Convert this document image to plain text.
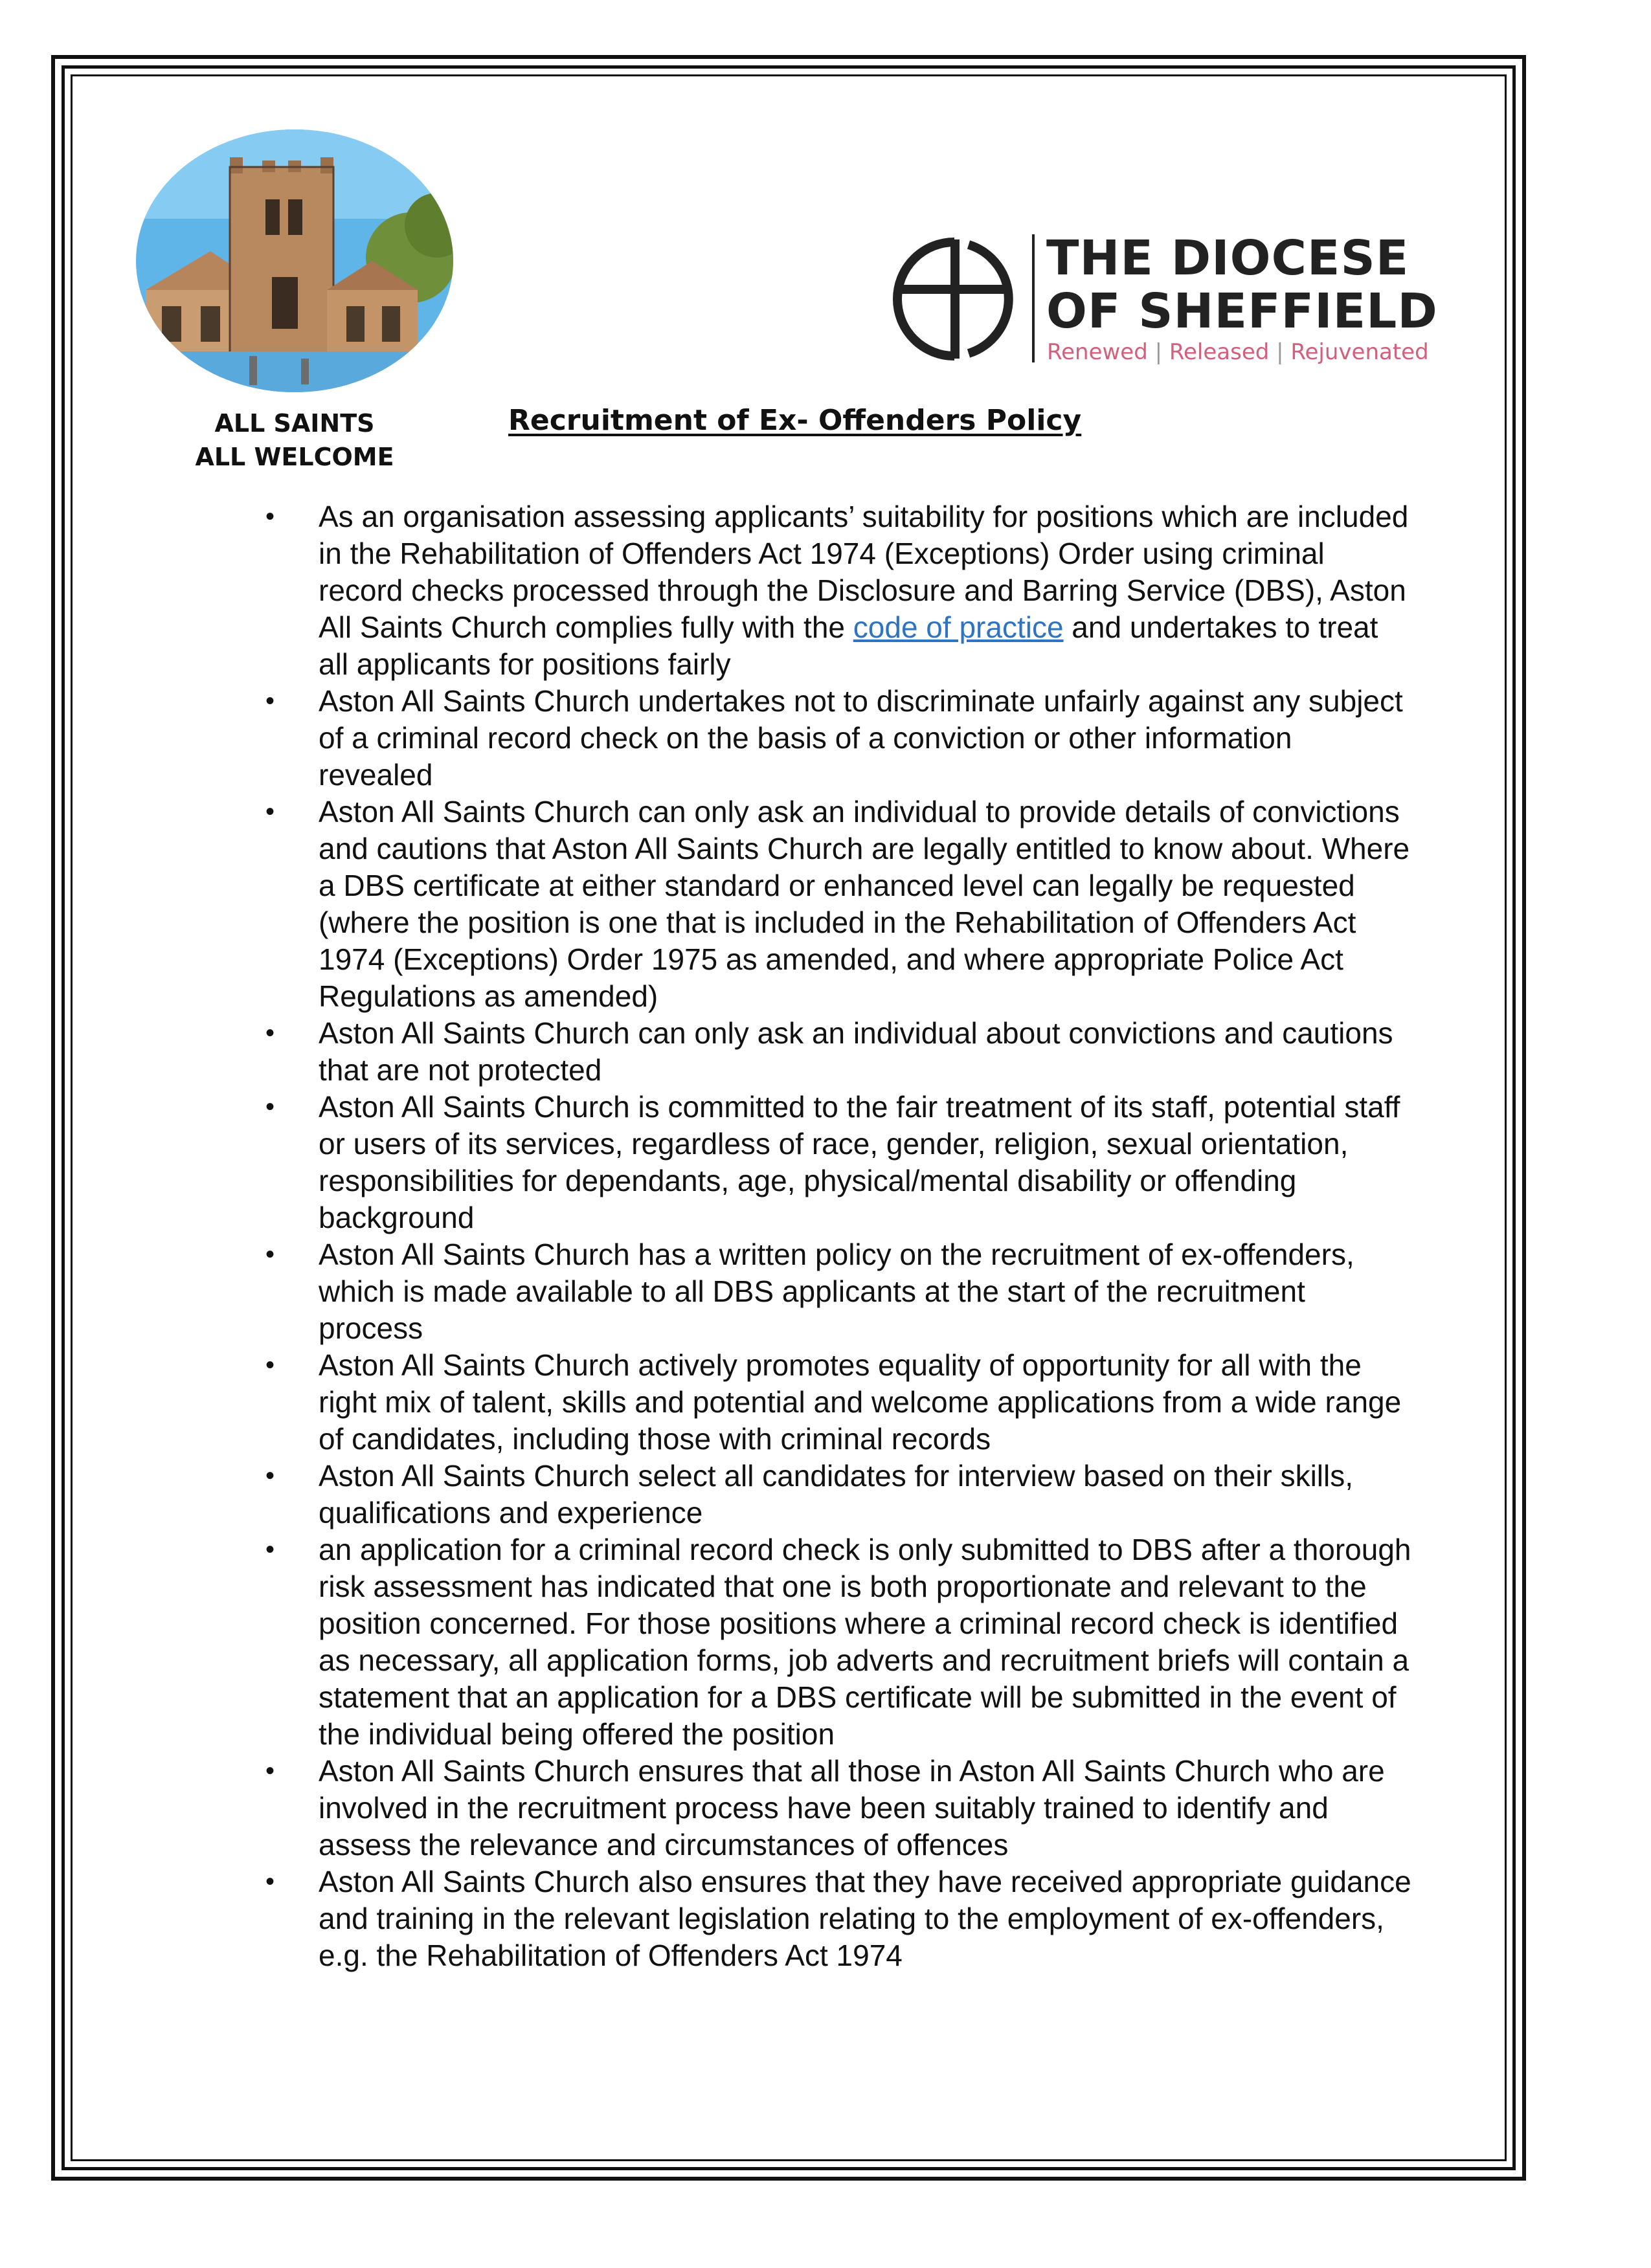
ALL SAINTS
ALL WELCOME
THE DIOCESE
OF SHEFFIELD
Renewed | Released | Rejuvenated
Recruitment of Ex- Offenders Policy
• As an organisation assessing applicants’ suitability for positions which are included in the Rehabilitation of Offenders Act 1974 (Exceptions) Order using criminal record checks processed through the Disclosure and Barring Service (DBS), Aston All Saints Church complies fully with the code of practice and undertakes to treat all applicants for positions fairly
• Aston All Saints Church undertakes not to discriminate unfairly against any subject of a criminal record check on the basis of a conviction or other information revealed
• Aston All Saints Church can only ask an individual to provide details of convictions and cautions that Aston All Saints Church are legally entitled to know about. Where a DBS certificate at either standard or enhanced level can legally be requested (where the position is one that is included in the Rehabilitation of Offenders Act 1974 (Exceptions) Order 1975 as amended, and where appropriate Police Act Regulations as amended)
• Aston All Saints Church can only ask an individual about convictions and cautions that are not protected
• Aston All Saints Church is committed to the fair treatment of its staff, potential staff or users of its services, regardless of race, gender, religion, sexual orientation, responsibilities for dependants, age, physical/mental disability or offending background
• Aston All Saints Church has a written policy on the recruitment of ex-offenders, which is made available to all DBS applicants at the start of the recruitment process
• Aston All Saints Church actively promotes equality of opportunity for all with the right mix of talent, skills and potential and welcome applications from a wide range of candidates, including those with criminal records
• Aston All Saints Church select all candidates for interview based on their skills, qualifications and experience
• an application for a criminal record check is only submitted to DBS after a thorough risk assessment has indicated that one is both proportionate and relevant to the position concerned. For those positions where a criminal record check is identified as necessary, all application forms, job adverts and recruitment briefs will contain a statement that an application for a DBS certificate will be submitted in the event of the individual being offered the position
• Aston All Saints Church ensures that all those in Aston All Saints Church who are involved in the recruitment process have been suitably trained to identify and assess the relevance and circumstances of offences
• Aston All Saints Church also ensures that they have received appropriate guidance and training in the relevant legislation relating to the employment of ex-offenders, e.g. the Rehabilitation of Offenders Act 1974
